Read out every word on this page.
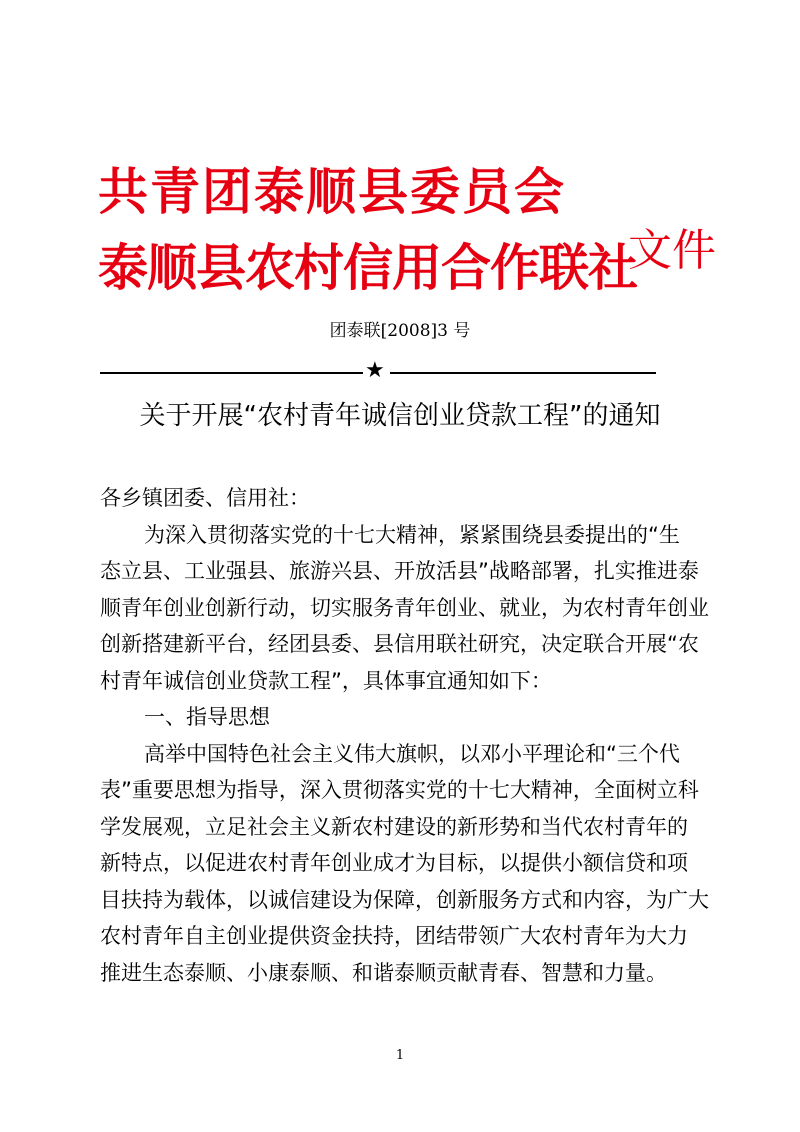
共青团泰顺县委员会
泰顺县农村信用合作联社
文件
团泰联[2008]3 号
★
关于开展“农村青年诚信创业贷款工程”的通知
各乡镇团委、信用社：
为深入贯彻落实党的十七大精神，紧紧围绕县委提出的“生
态立县、工业强县、旅游兴县、开放活县”战略部署，扎实推进泰
顺青年创业创新行动，切实服务青年创业、就业，为农村青年创业
创新搭建新平台，经团县委、县信用联社研究，决定联合开展“农
村青年诚信创业贷款工程”，具体事宜通知如下：
一、指导思想
高举中国特色社会主义伟大旗帜，以邓小平理论和“三个代
表”重要思想为指导，深入贯彻落实党的十七大精神，全面树立科
学发展观，立足社会主义新农村建设的新形势和当代农村青年的
新特点，以促进农村青年创业成才为目标，以提供小额信贷和项
目扶持为载体，以诚信建设为保障，创新服务方式和内容，为广大
农村青年自主创业提供资金扶持，团结带领广大农村青年为大力
推进生态泰顺、小康泰顺、和谐泰顺贡献青春、智慧和力量。
1
